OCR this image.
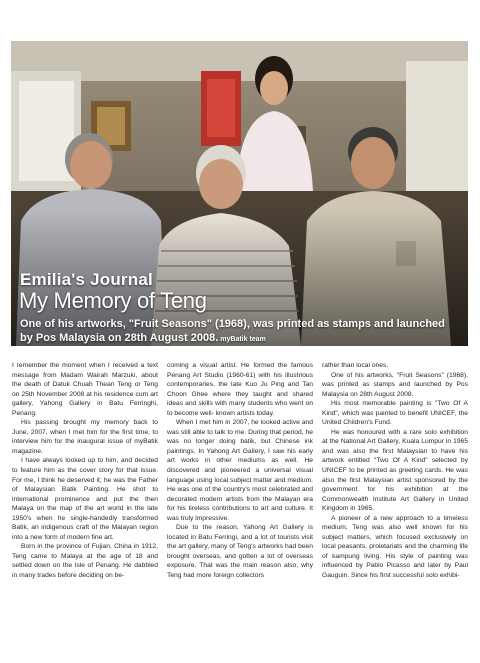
Emilia's Journal
My Memory of Teng
One of his artworks, "Fruit Seasons" (1968), was printed as stamps and launched by Pos Malaysia on 28th August 2008. myBatik team

I remember the moment when I received a text message from Madam Wairah Marzuki, about the death of Datuk Chuah Thean Teng or Teng on 25th November 2008 at his residence cum art gallery, Yahong Gallery in Batu Ferringhi, Penang.

His passing brought my memory back to June, 2007, when I met him for the first time, to interview him for the inaugural issue of myBatik magazine.

I have always looked up to him, and decided to feature him as the cover story for that issue. For me, I think he deserved it; he was the Father of Malaysian Batik Painting. He shot to international prominence and put the then Malaya on the map of the art world in the late 1950's when he single-handedly transformed Batik, an indigenous craft of the Malayan region into a new form of modern fine art.

Born in the province of Fujian, China in 1912, Teng came to Malaya at the age of 18 and settled down on the Isle of Penang. He dabbled in many trades before deciding on be-

coming a visual artist. He formed the famous Penang Art Studio (1960-61) with his illustrious contemporaries, the late Kuo Ju Ping and Tan Choon Ghee where they taught and shared ideas and skills with many students who went on to become well- known artists today.

When I met him in 2007, he looked active and was still able to talk to me. During that period, he was no longer doing batik, but Chinese ink paintings. In Yahong Art Gallery, I saw his early art works in other mediums as well. He discovered and pioneered a universal visual language using local subject matter and medium. He was one of the country's most celebrated and decorated modern artists from the Malayan era for his tireless contributions to art and culture. It was truly impressive.

Due to the reason, Yahong Art Gallery is located in Batu Ferringi, and a lot of tourists visit the art gallery, many of Teng's artworks had been brought overseas, and gotten a lot of overseas exposure. That was the main reason also, why Teng had more foreign collectors

rather than local ones.

One of his artworks, "Fruit Seasons" (1968), was printed as stamps and launched by Pos Malaysia on 28th August 2008.

His most memorable painting is "Two Of A Kind", which was painted to benefit UNICEF, the United Children's Fund.

He was honoured with a rare solo exhibition at the National Art Gallery, Kuala Lumpur in 1965 and was also the first Malaysian to have his artwork entitled "Two Of A Kind" selected by UNICEF to be printed as greeting cards. He was also the first Malaysian artist sponsored by the government for his exhibition at the Commonwealth Institute Art Gallery in United Kingdom in 1965.

A pioneer of a new approach to a timeless medium, Teng was also well known for his subject matters, which focused exclusively on local peasants, proletariats and the charming life of kampung living. His style of painting was influenced by Pablo Picasso and later by Paul Gauguin. Since his first successful solo exhibi-
